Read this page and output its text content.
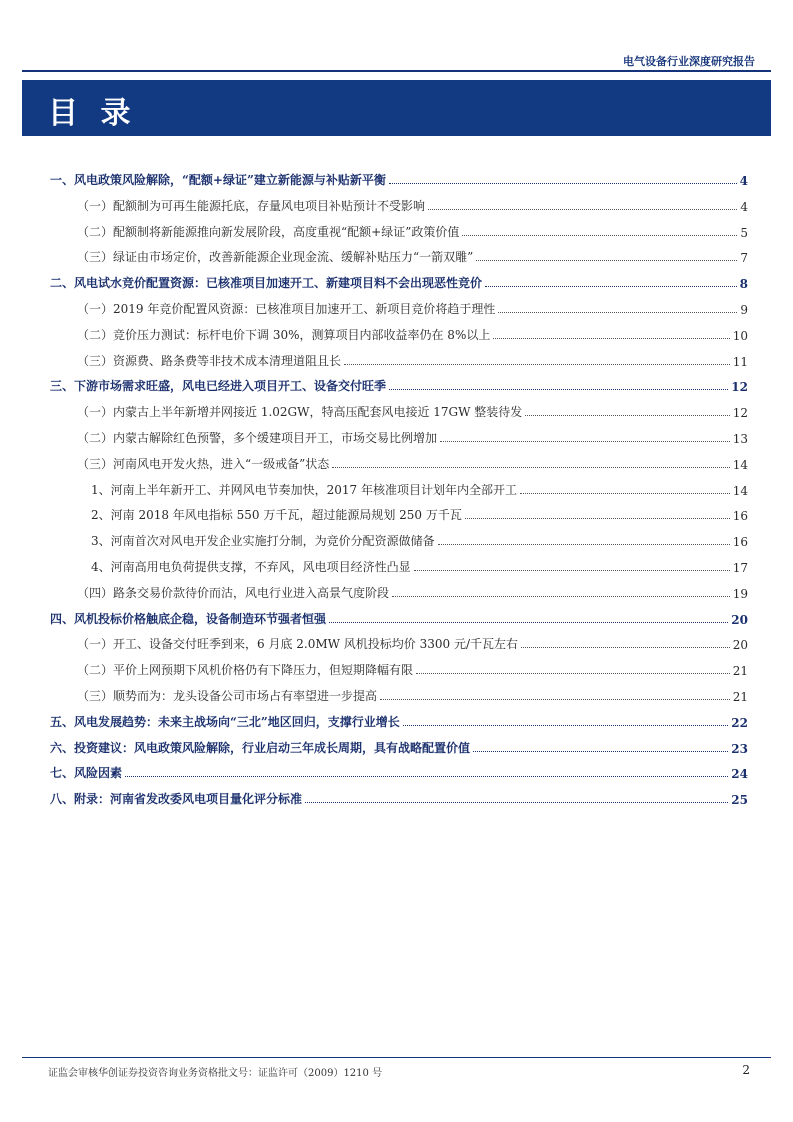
电气设备行业深度研究报告
目 录
一、风电政策风险解除，“配额+绿证”建立新能源与补贴新平衡	4
（一）配额制为可再生能源托底，存量风电项目补贴预计不受影响	4
（二）配额制将新能源推向新发展阶段，高度重视“配额+绿证”政策价值	5
（三）绿证由市场定价，改善新能源企业现金流、缓解补贴压力“一箭双雕”	7
二、风电试水竞价配置资源：已核准项目加速开工、新建项目料不会出现恶性竞价	8
（一）2019 年竞价配置风资源：已核准项目加速开工、新项目竞价将趋于理性	9
（二）竞价压力测试：标杆电价下调 30%，测算项目内部收益率仍在 8%以上	10
（三）资源费、路条费等非技术成本清理道阻且长	11
三、下游市场需求旺盛，风电已经进入项目开工、设备交付旺季	12
（一）内蒙古上半年新增并网接近 1.02GW，特高压配套风电接近 17GW 整装待发	12
（二）内蒙古解除红色预警，多个缓建项目开工，市场交易比例增加	13
（三）河南风电开发火热，进入“一级戒备”状态	14
1、河南上半年新开工、并网风电节奏加快，2017 年核准项目计划年内全部开工	14
2、河南 2018 年风电指标 550 万千瓦，超过能源局规划 250 万千瓦	16
3、河南首次对风电开发企业实施打分制，为竞价分配资源做储备	16
4、河南高用电负荷提供支撑，不弃风，风电项目经济性凸显	17
（四）路条交易价款待价而沽，风电行业进入高景气度阶段	19
四、风机投标价格触底企稳，设备制造环节强者恒强	20
（一）开工、设备交付旺季到来，6 月底 2.0MW 风机投标均价 3300 元/千瓦左右	20
（二）平价上网预期下风机价格仍有下降压力，但短期降幅有限	21
（三）顺势而为：龙头设备公司市场占有率望进一步提高	21
五、风电发展趋势：未来主战场向“三北”地区回归，支撑行业增长	22
六、投资建议：风电政策风险解除，行业启动三年成长周期，具有战略配置价值	23
七、风险因素	24
八、附录：河南省发改委风电项目量化评分标准	25
证监会审核华创证券投资咨询业务资格批文号：证监许可（2009）1210 号	2
